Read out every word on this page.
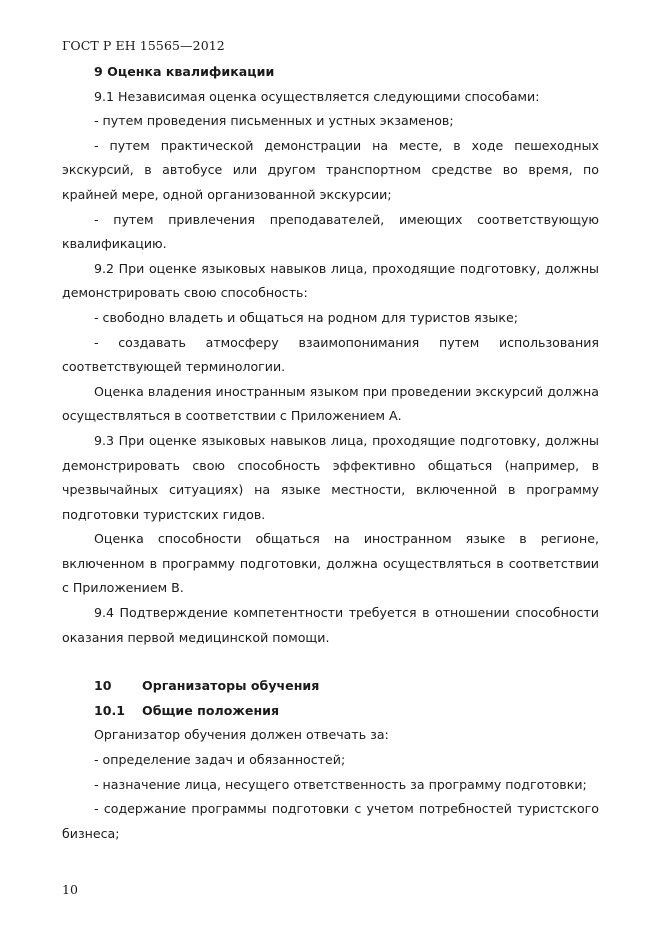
ГОСТ Р ЕН 15565—2012

9 Оценка квалификации

9.1 Независимая оценка осуществляется следующими способами:

- путем проведения письменных и устных экзаменов;

- путем практической демонстрации на месте, в ходе пешеходных экскурсий, в автобусе или другом транспортном средстве во время, по крайней мере, одной организованной экскурсии;

- путем привлечения преподавателей, имеющих соответствующую квалификацию.

9.2 При оценке языковых навыков лица, проходящие подготовку, должны демонстрировать свою способность:

- свободно владеть и общаться на родном для туристов языке;

- создавать атмосферу взаимопонимания путем использования соответствующей терминологии.

Оценка владения иностранным языком при проведении экскурсий должна осуществляться в соответствии с Приложением А.

9.3 При оценке языковых навыков лица, проходящие подготовку, должны демонстрировать свою способность эффективно общаться (например, в чрезвычайных ситуациях) на языке местности, включенной в программу подготовки туристских гидов.

Оценка способности общаться на иностранном языке в регионе, включенном в программу подготовки, должна осуществляться в соответствии с Приложением В.

9.4 Подтверждение компетентности требуется в отношении способности оказания первой медицинской помощи.

10	Организаторы обучения
10.1	Общие положения

Организатор обучения должен отвечать за:

- определение задач и обязанностей;

- назначение лица, несущего ответственность за программу подготовки;

- содержание программы подготовки с учетом потребностей туристского бизнеса;

10
